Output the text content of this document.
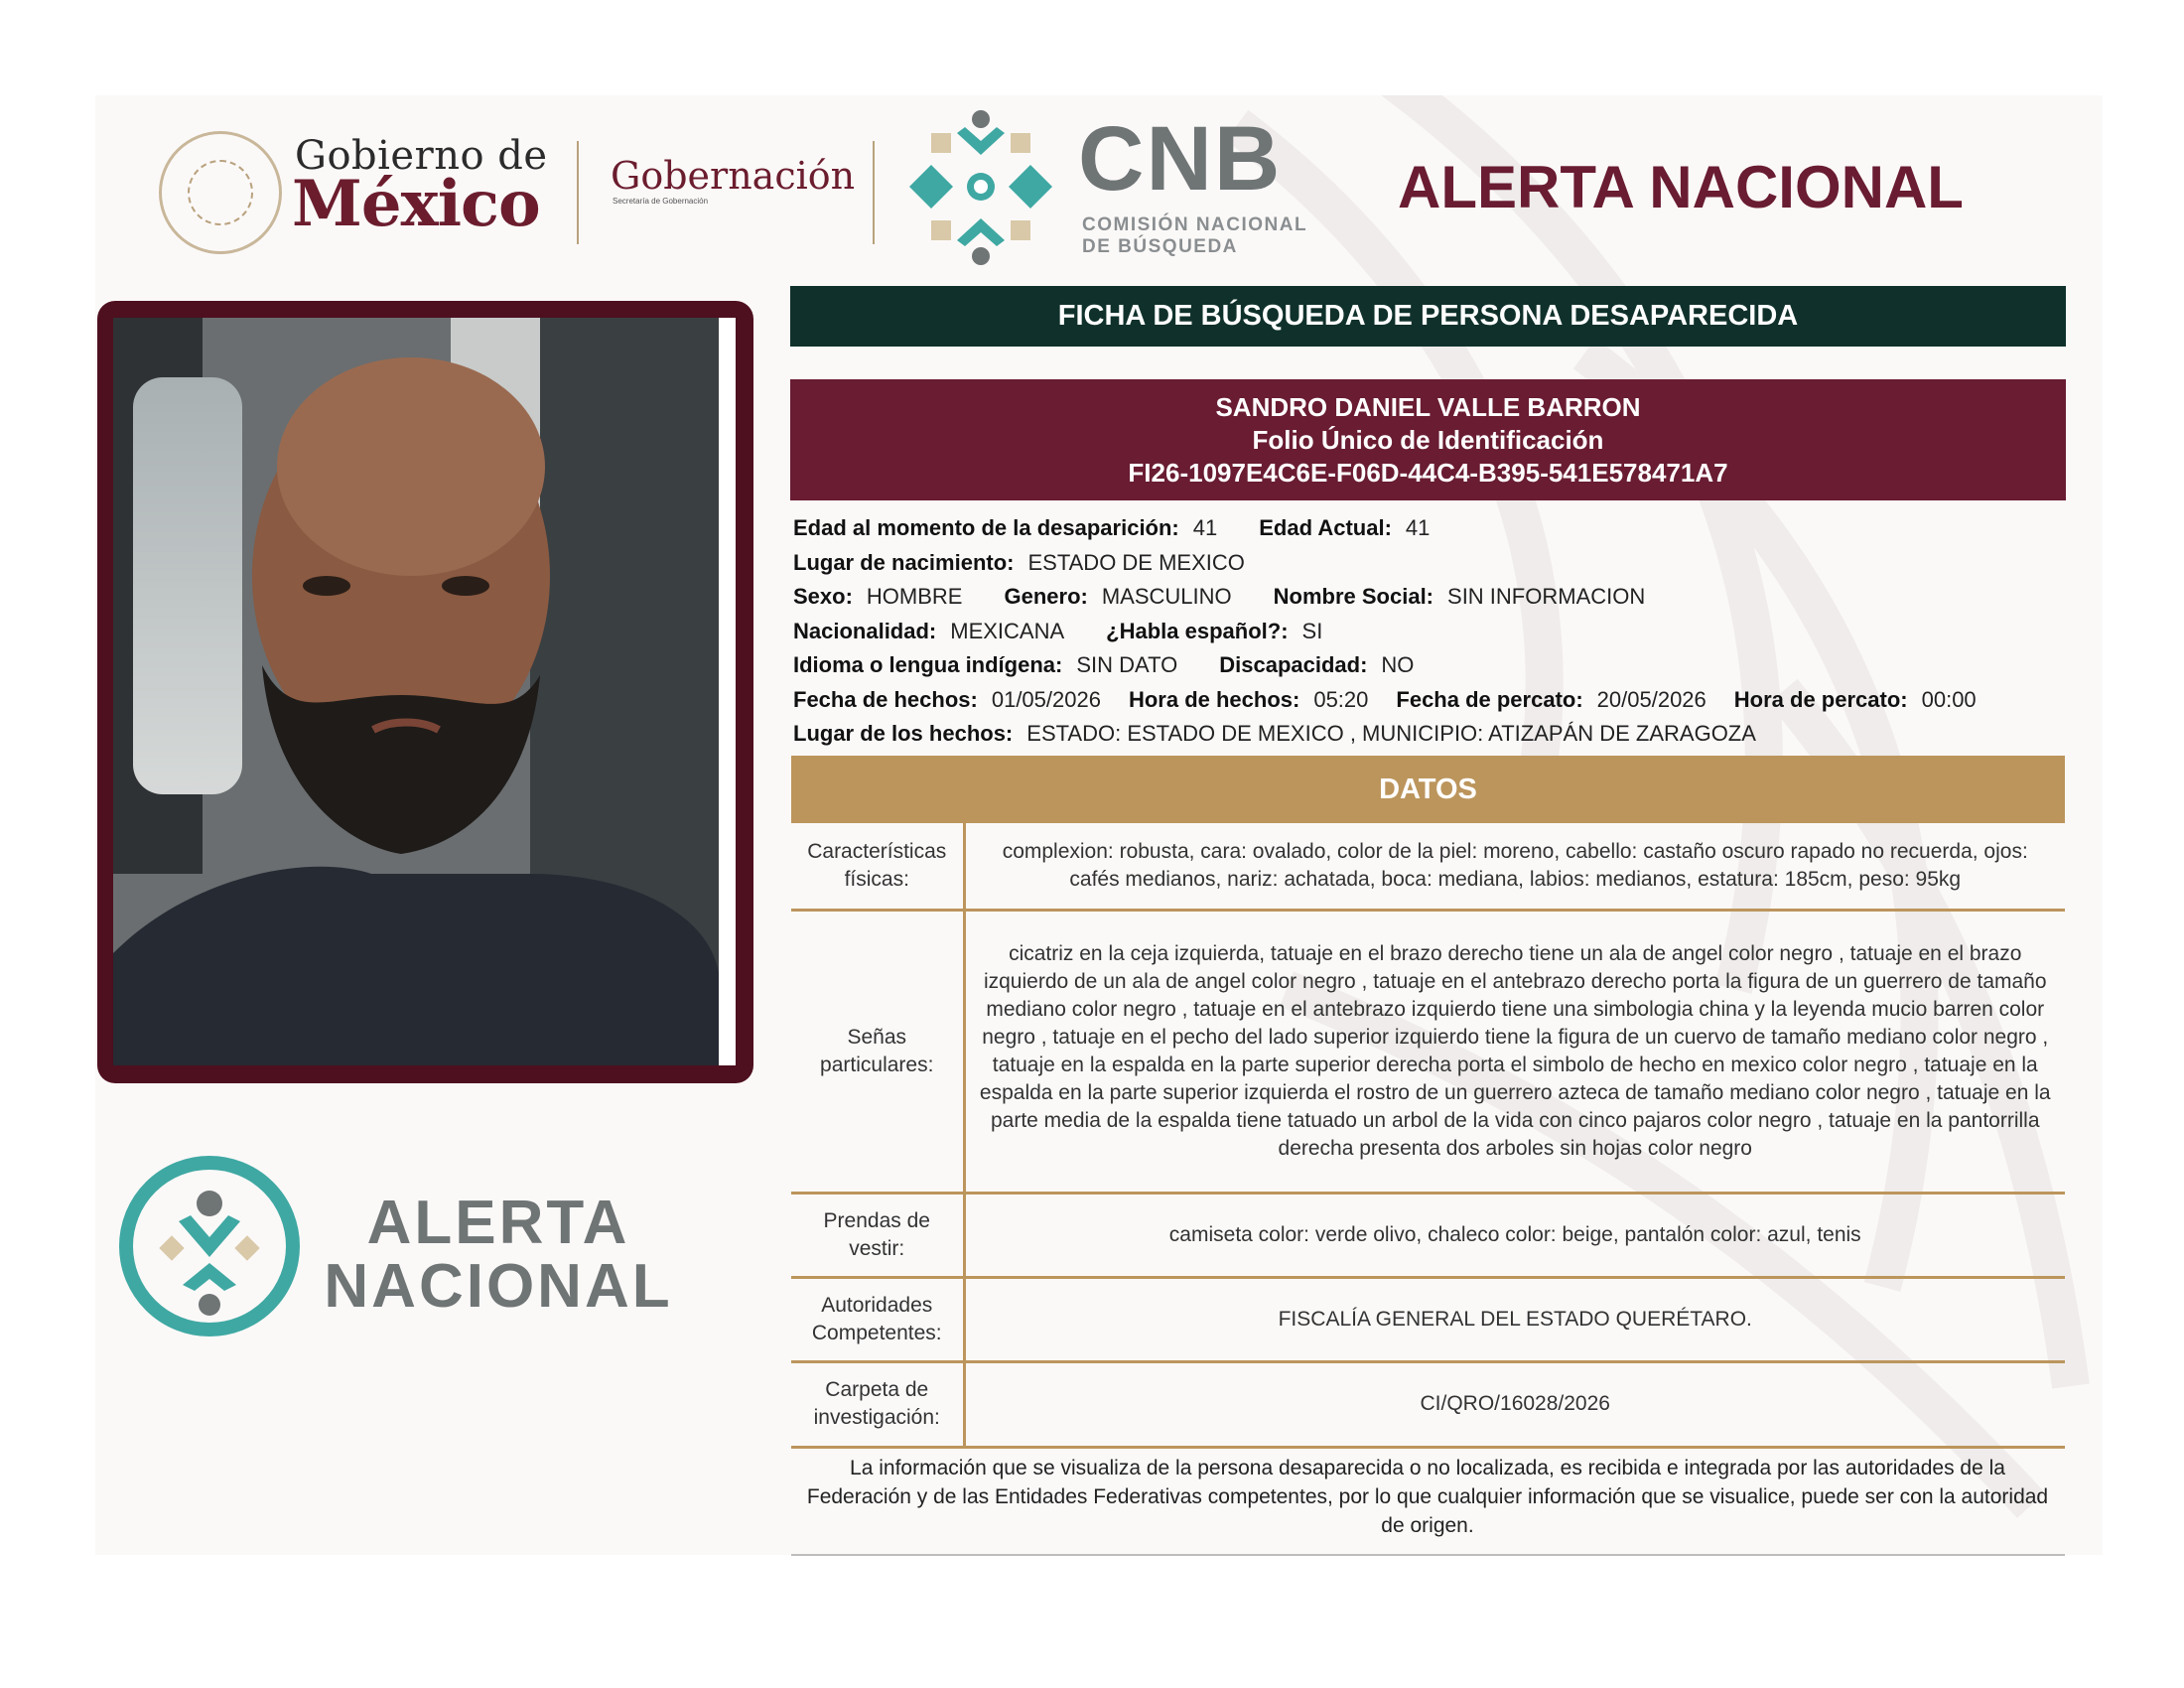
Gobierno de
México Gobernación
Secretaría de Gobernación	CNB
COMISIÓN NACIONAL
DE BÚSQUEDA
ALERTA NACIONAL
ALERTA
NACIONAL
FICHA DE BÚSQUEDA DE PERSONA DESAPARECIDA
SANDRO DANIEL VALLE BARRON
Folio Único de Identificación
FI26-1097E4C6E-F06D-44C4-B395-541E578471A7
Edad al momento de la desaparición: 41 Edad Actual: 41
Lugar de nacimiento: ESTADO DE MEXICO
Sexo: HOMBRE Genero: MASCULINO Nombre Social: SIN INFORMACION
Nacionalidad: MEXICANA ¿Habla español?: SI
Idioma o lengua indígena: SIN DATO Discapacidad: NO
Fecha de hechos: 01/05/2026 Hora de hechos: 05:20 Fecha de percato: 20/05/2026 Hora de percato: 00:00
Lugar de los hechos: ESTADO: ESTADO DE MEXICO , MUNICIPIO: ATIZAPÁN DE ZARAGOZA
DATOS
Características físicas:	complexion: robusta, cara: ovalado, color de la piel: moreno, cabello: castaño oscuro rapado no recuerda, ojos: cafés medianos, nariz: achatada, boca: mediana, labios: medianos, estatura: 185cm, peso: 95kg
Señas particulares:	cicatriz en la ceja izquierda, tatuaje en el brazo derecho tiene un ala de angel color negro , tatuaje en el brazo izquierdo de un ala de angel color negro , tatuaje en el antebrazo derecho porta la figura de un guerrero de tamaño mediano color negro , tatuaje en el antebrazo izquierdo tiene una simbologia china y la leyenda mucio barren color negro , tatuaje en el pecho del lado superior izquierdo tiene la figura de un cuervo de tamaño mediano color negro , tatuaje en la espalda en la parte superior derecha porta el simbolo de hecho en mexico color negro , tatuaje en la espalda en la parte superior izquierda el rostro de un guerrero azteca de tamaño mediano color negro , tatuaje en la parte media de la espalda tiene tatuado un arbol de la vida con cinco pajaros color negro , tatuaje en la pantorrilla derecha presenta dos arboles sin hojas color negro
Prendas de vestir:	camiseta color: verde olivo, chaleco color: beige, pantalón color: azul, tenis
Autoridades Competentes:	FISCALÍA GENERAL DEL ESTADO QUERÉTARO.
Carpeta de investigación:	CI/QRO/16028/2026
La información que se visualiza de la persona desaparecida o no localizada, es recibida e integrada por las autoridades de la Federación y de las Entidades Federativas competentes, por lo que cualquier información que se visualice, puede ser con la autoridad de origen.
